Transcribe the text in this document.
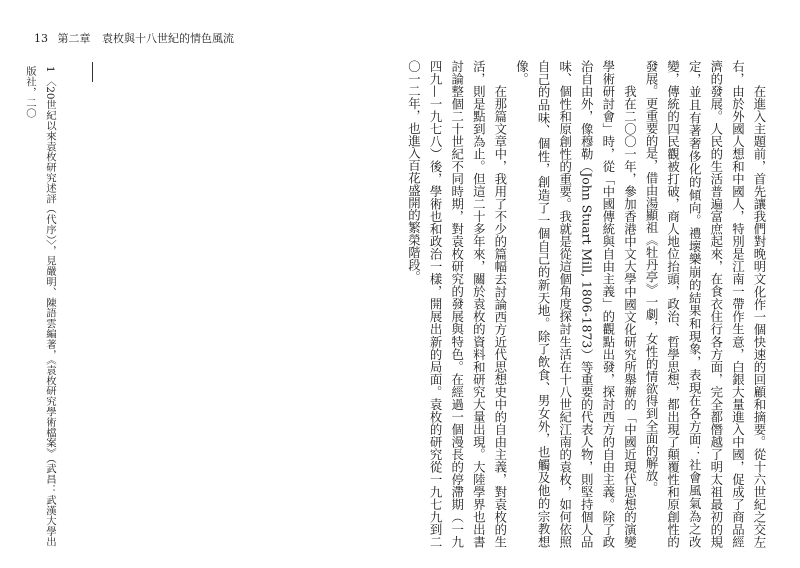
13 第二章 袁枚與十八世紀的情色風流

在進入主題前，首先讓我們對晚明文化作一個快速的回顧和摘要。從十六世紀之交左右，由於外國人想和中國人，特別是江南一帶作生意，白銀大量進入中國，促成了商品經濟的發展。人民的生活普遍富庶起來，在食衣住行各方面，完全都僭越了明太祖最初的規定，並且有著奢侈化的傾向。禮壞樂崩的結果和現象，表現在各方面：社會風氣為之改變，傳統的四民觀被打破，商人地位抬頭，政治、哲學思想，都出現了顛覆性和原創性的發展。更重要的是，借由湯顯祖《牡丹亭》一劇，女性的情欲得到全面的解放。

我在二〇〇一年，參加香港中文大學中國文化研究所舉辦的「中國近現代思想的演變學術研討會」時，從「中國傳統與自由主義」的觀點出發，探討西方的自由主義。除了政治自由外，像穆勒（John Stuart Mill, 1806-1873）等重要的代表人物，則堅持個人品味、個性和原創性的重要。我就是從這個角度探討生活在十八世紀江南的袁枚，如何依照自己的品味、個性，創造了一個自己的新天地。除了飲食、男女外，也觸及他的宗教想像。

在那篇文章中，我用了不少的篇幅去討論西方近代思想史中的自由主義，對袁枚的生活，則是點到為止。但這二十多年來，關於袁枚的資料和研究大量出現。大陸學界也出書討論整個二十世紀不同時期，對袁枚研究的發展與特色。在經過一個漫長的停滯期（一九四九—一九七八）後，學術也和政治一樣，開展出新的局面。袁枚的研究從一九七九到二〇一二年，也進入百花盛開的繁榮階段。

1 〈20世紀以來袁枚研究述評（代序）〉，見嚴明、陳語雲編著，《袁枚研究學術檔案》（武昌：武漢大學出版社，二〇
